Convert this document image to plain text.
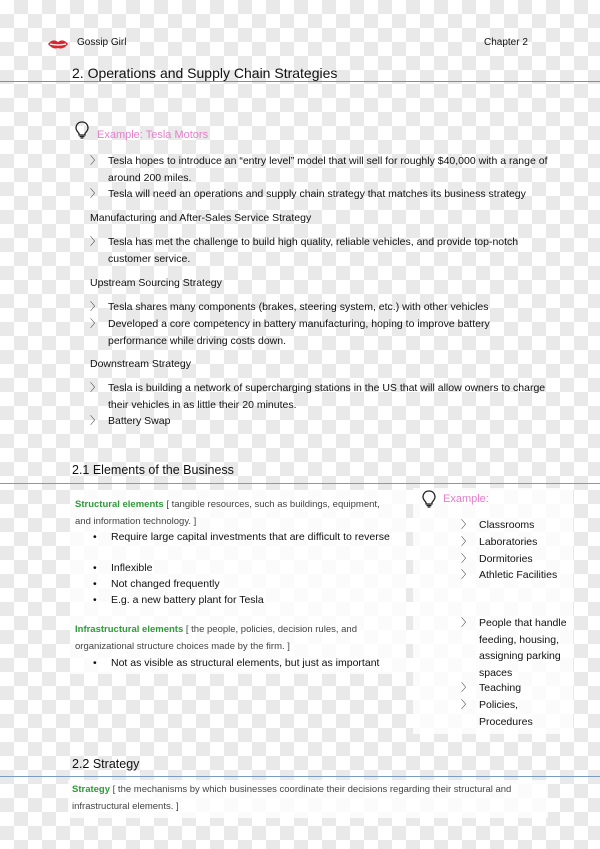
Gossip Girl	Chapter 2
2. Operations and Supply Chain Strategies
Example: Tesla Motors
〉 Tesla hopes to introduce an “entry level” model that will sell for roughly $40,000 with a range of around 200 miles.
〉 Tesla will need an operations and supply chain strategy that matches its business strategy
Manufacturing and After-Sales Service Strategy
〉 Tesla has met the challenge to build high quality, reliable vehicles, and provide top-notch customer service.
Upstream Sourcing Strategy
〉 Tesla shares many components (brakes, steering system, etc.) with other vehicles
〉 Developed a core competency in battery manufacturing, hoping to improve battery performance while driving costs down.
Downstream Strategy
〉 Tesla is building a network of supercharging stations in the US that will allow owners to charge their vehicles in as little their 20 minutes.
〉 Battery Swap
2.1 Elements of the Business
Structural elements [ tangible resources, such as buildings, equipment, and information technology. ]
• Require large capital investments that are difficult to reverse
• Inflexible
• Not changed frequently
• E.g. a new battery plant for Tesla
Infrastructural elements [ the people, policies, decision rules, and organizational structure choices made by the firm. ]
• Not as visible as structural elements, but just as important
Example:
〉 Classrooms
〉 Laboratories
〉 Dormitories
〉 Athletic Facilities
〉 People that handle feeding, housing, assigning parking spaces
〉 Teaching
〉 Policies, Procedures
2.2 Strategy
Strategy [ the mechanisms by which businesses coordinate their decisions regarding their structural and infrastructural elements. ]
